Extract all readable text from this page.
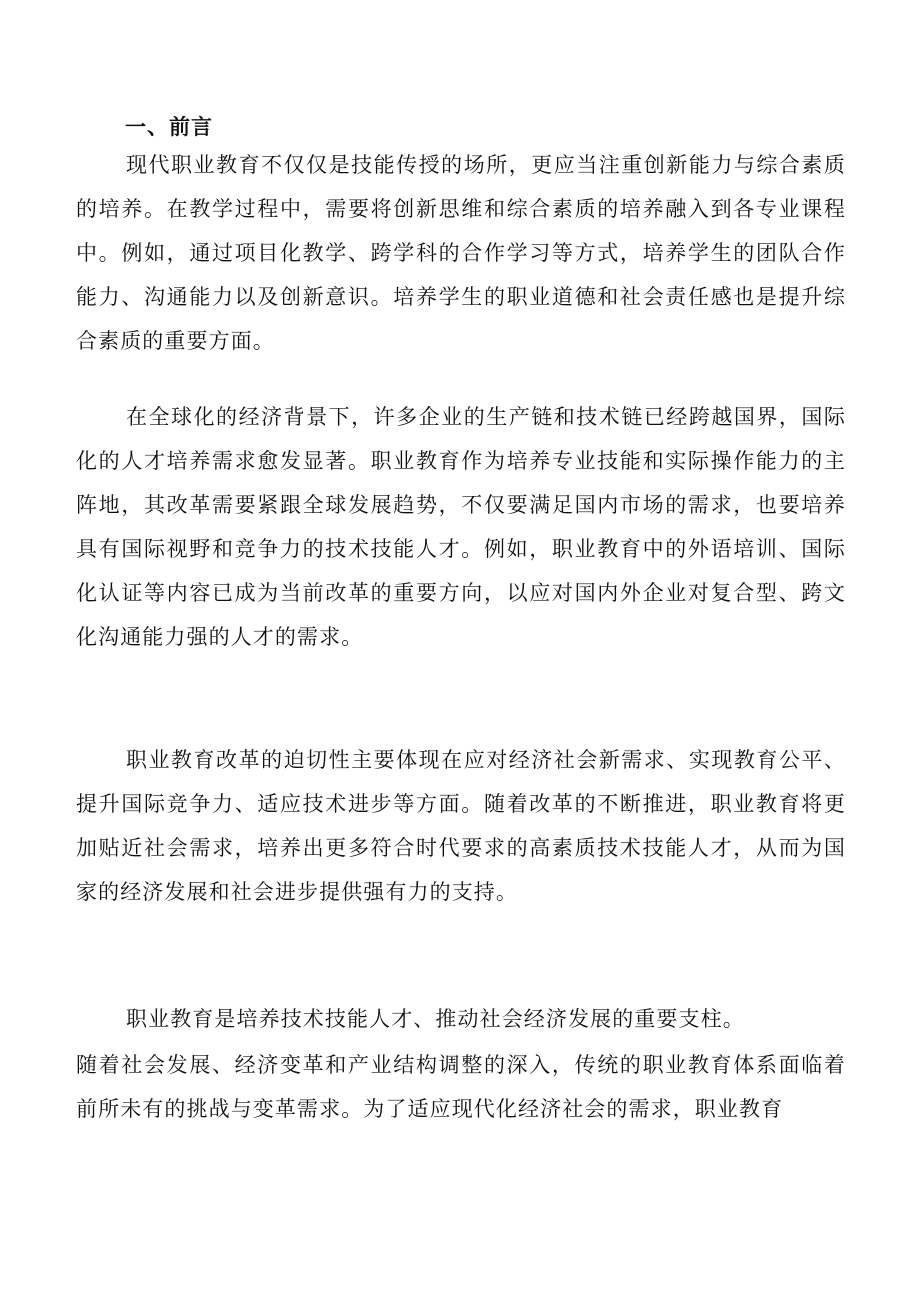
一、前言

现代职业教育不仅仅是技能传授的场所，更应当注重创新能力与综合素质的培养。在教学过程中，需要将创新思维和综合素质的培养融入到各专业课程中。例如，通过项目化教学、跨学科的合作学习等方式，培养学生的团队合作能力、沟通能力以及创新意识。培养学生的职业道德和社会责任感也是提升综合素质的重要方面。

在全球化的经济背景下，许多企业的生产链和技术链已经跨越国界，国际化的人才培养需求愈发显著。职业教育作为培养专业技能和实际操作能力的主阵地，其改革需要紧跟全球发展趋势，不仅要满足国内市场的需求，也要培养具有国际视野和竞争力的技术技能人才。例如，职业教育中的外语培训、国际化认证等内容已成为当前改革的重要方向，以应对国内外企业对复合型、跨文化沟通能力强的人才的需求。

职业教育改革的迫切性主要体现在应对经济社会新需求、实现教育公平、提升国际竞争力、适应技术进步等方面。随着改革的不断推进，职业教育将更加贴近社会需求，培养出更多符合时代要求的高素质技术技能人才，从而为国家的经济发展和社会进步提供强有力的支持。

职业教育是培养技术技能人才、推动社会经济发展的重要支柱。

随着社会发展、经济变革和产业结构调整的深入，传统的职业教育体系面临着前所未有的挑战与变革需求。为了适应现代化经济社会的需求，职业教育
